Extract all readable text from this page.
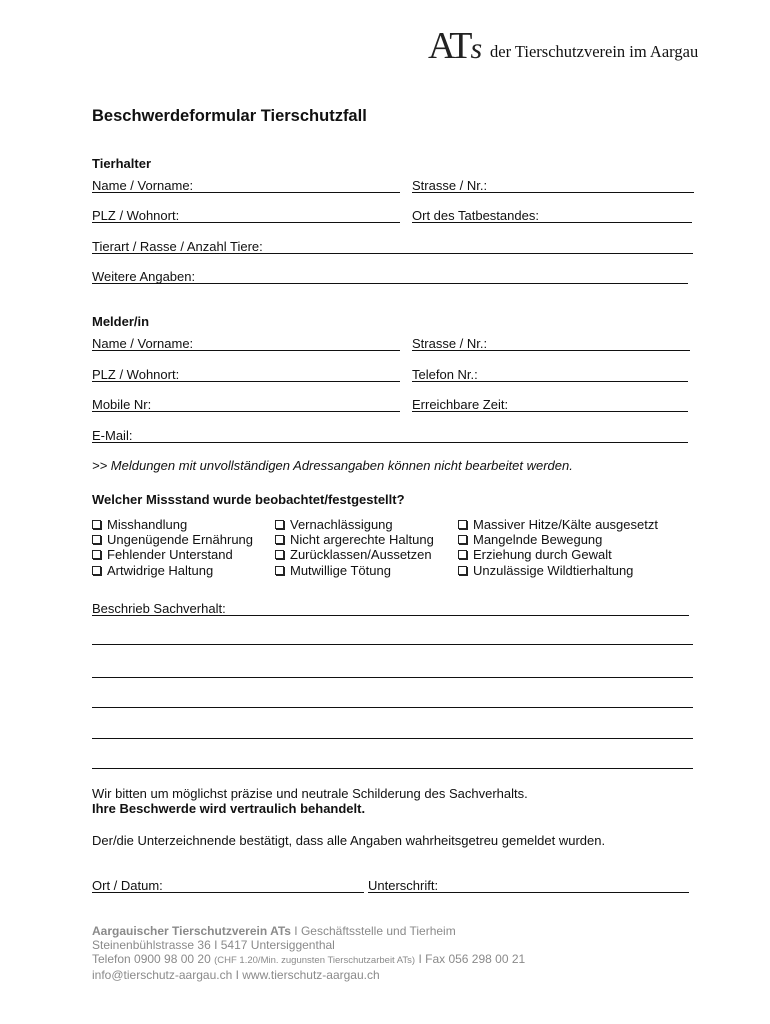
ATs der Tierschutzverein im Aargau
Beschwerdeformular Tierschutzfall
Tierhalter
Name / Vorname:	Strasse / Nr.:
PLZ / Wohnort:	Ort des Tatbestandes:
Tierart / Rasse / Anzahl Tiere:
Weitere Angaben:
Melder/in
Name / Vorname:	Strasse / Nr.:
PLZ / Wohnort:	Telefon Nr.:
Mobile Nr:	Erreichbare Zeit:
E-Mail:
>> Meldungen mit unvollständigen Adressangaben können nicht bearbeitet werden.
Welcher Missstand wurde beobachtet/festgestellt?
Misshandlung
Ungenügende Ernährung
Fehlender Unterstand
Artwidrige Haltung
Vernachlässigung
Nicht argerechte Haltung
Zurücklassen/Aussetzen
Mutwillige Tötung
Massiver Hitze/Kälte ausgesetzt
Mangelnde Bewegung
Erziehung durch Gewalt
Unzulässige Wildtierhaltung
Beschrieb Sachverhalt:
Wir bitten um möglichst präzise und neutrale Schilderung des Sachverhalts.
Ihre Beschwerde wird vertraulich behandelt.
Der/die Unterzeichnende bestätigt, dass alle Angaben wahrheitsgetreu gemeldet wurden.
Ort / Datum:	Unterschrift:
Aargauischer Tierschutzverein ATs I Geschäftsstelle und Tierheim
Steinenbühlstrasse 36 I 5417 Untersiggenthal
Telefon 0900 98 00 20 (CHF 1.20/Min. zugunsten Tierschutzarbeit ATs) I Fax 056 298 00 21
info@tierschutz-aargau.ch I www.tierschutz-aargau.ch
